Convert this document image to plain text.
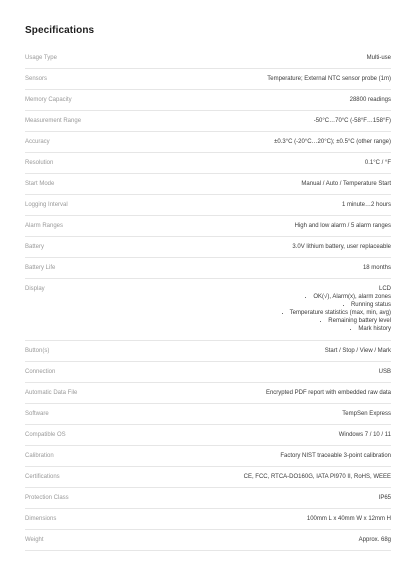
Specifications
Usage Type	Multi-use
Sensors	Temperature; External NTC sensor probe (1m)
Memory Capacity	28800 readings
Measurement Range	-50°C…70°C (-58°F…158°F)
Accuracy	±0.3°C (-20°C…20°C); ±0.5°C (other range)
Resolution	0.1°C / °F
Start Mode	Manual / Auto / Temperature Start
Logging Interval	1 minute…2 hours
Alarm Ranges	High and low alarm / 5 alarm ranges
Battery	3.0V lithium battery, user replaceable
Battery Life	18 months
Display	LCD
• OK(√), Alarm(x), alarm zones
• Running status
• Temperature statistics (max, min, avg)
• Remaining battery level
• Mark history
Button(s)	Start / Stop / View / Mark
Connection	USB
Automatic Data File	Encrypted PDF report with embedded raw data
Software	TempSen Express
Compatible OS	Windows 7 / 10 / 11
Calibration	Factory NIST traceable 3-point calibration
Certifications	CE, FCC, RTCA-DO160G, IATA PI970 II, RoHS, WEEE
Protection Class	IP65
Dimensions	100mm L x 40mm W x 12mm H
Weight	Approx. 68g
